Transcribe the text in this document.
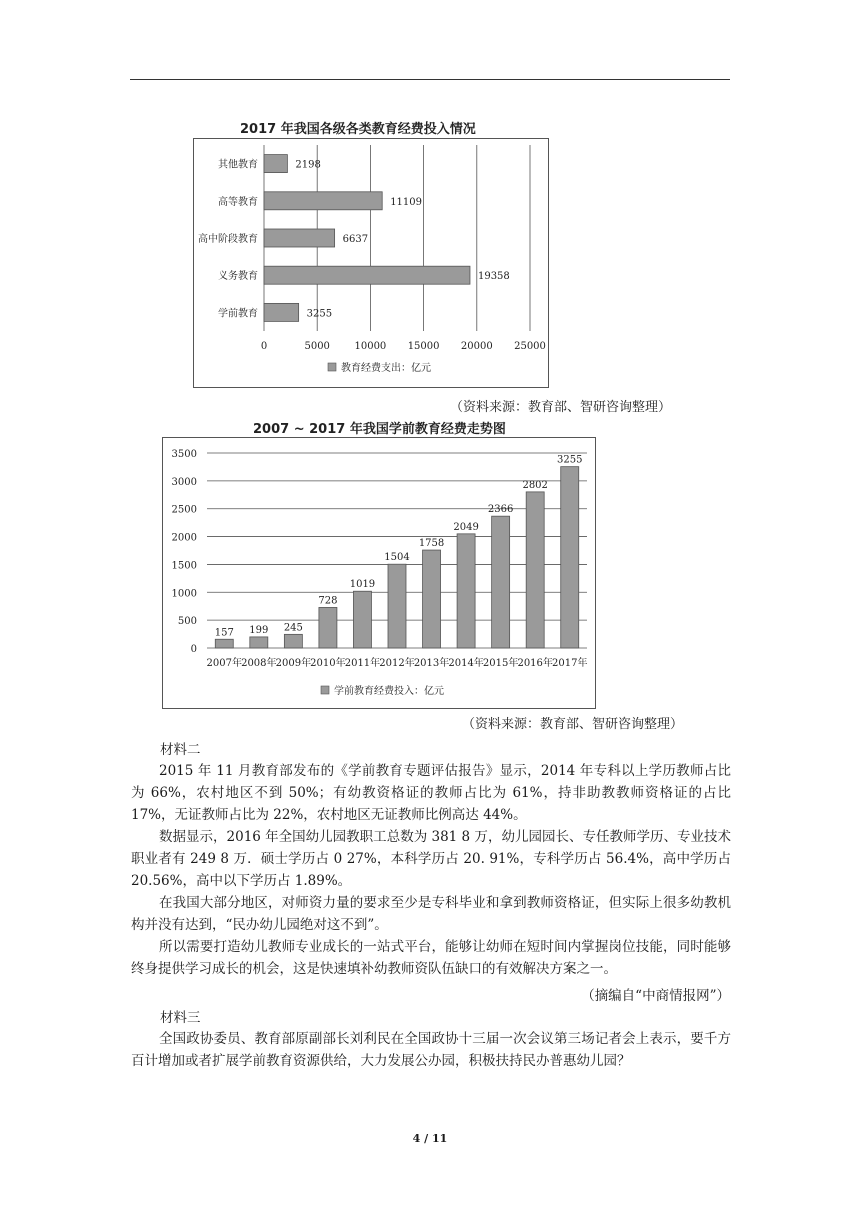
2017 年我国各级各类教育经费投入情况
0	5000 10000 15000 20000 25000
其他教育	2198
高等教育	11109
高中阶段教育	6637
义务教育	19358
学前教育	3255
教育经费支出：亿元
（资料来源：教育部、智研咨询整理）
2007 ~ 2017 年我国学前教育经费走势图
0
500
1000
1500
2000
2500
3000
3500
157
2007年
199
2008年
245
2009年
728
2010年
1019
2011年
1504
2012年
1758
2013年
2049
2014年
2366
2015年
2802
2016年
3255
2017年
学前教育经费投入：亿元
（资料来源：教育部、智研咨询整理）
材料二

2015 年 11 月教育部发布的《学前教育专题评估报告》显示，2014 年专科以上学历教师占比为 66%，农村地区不到 50%；有幼教资格证的教师占比为 61%，持非助教教师资格证的占比 17%，无证教师占比为 22%，农村地区无证教师比例高达 44%。

数据显示，2016 年全国幼儿园教职工总数为 381 8 万，幼儿园园长、专任教师学历、专业技术职业者有 249 8 万．硕士学历占 0 27%，本科学历占 20. 91%，专科学历占 56.4%，高中学历占 20.56%，高中以下学历占 1.89%。

在我国大部分地区，对师资力量的要求至少是专科毕业和拿到教师资格证，但实际上很多幼教机构并没有达到，“民办幼儿园绝对这不到”。

所以需要打造幼儿教师专业成长的一站式平台，能够让幼师在短时间内掌握岗位技能，同时能够终身提供学习成长的机会，这是快速填补幼教师资队伍缺口的有效解决方案之一。

（摘编自“中商情报网”）
材料三

全国政协委员、教育部原副部长刘利民在全国政协十三届一次会议第三场记者会上表示，要千方百计增加或者扩展学前教育资源供给，大力发展公办园，积极扶持民办普惠幼儿园？

4 / 11
